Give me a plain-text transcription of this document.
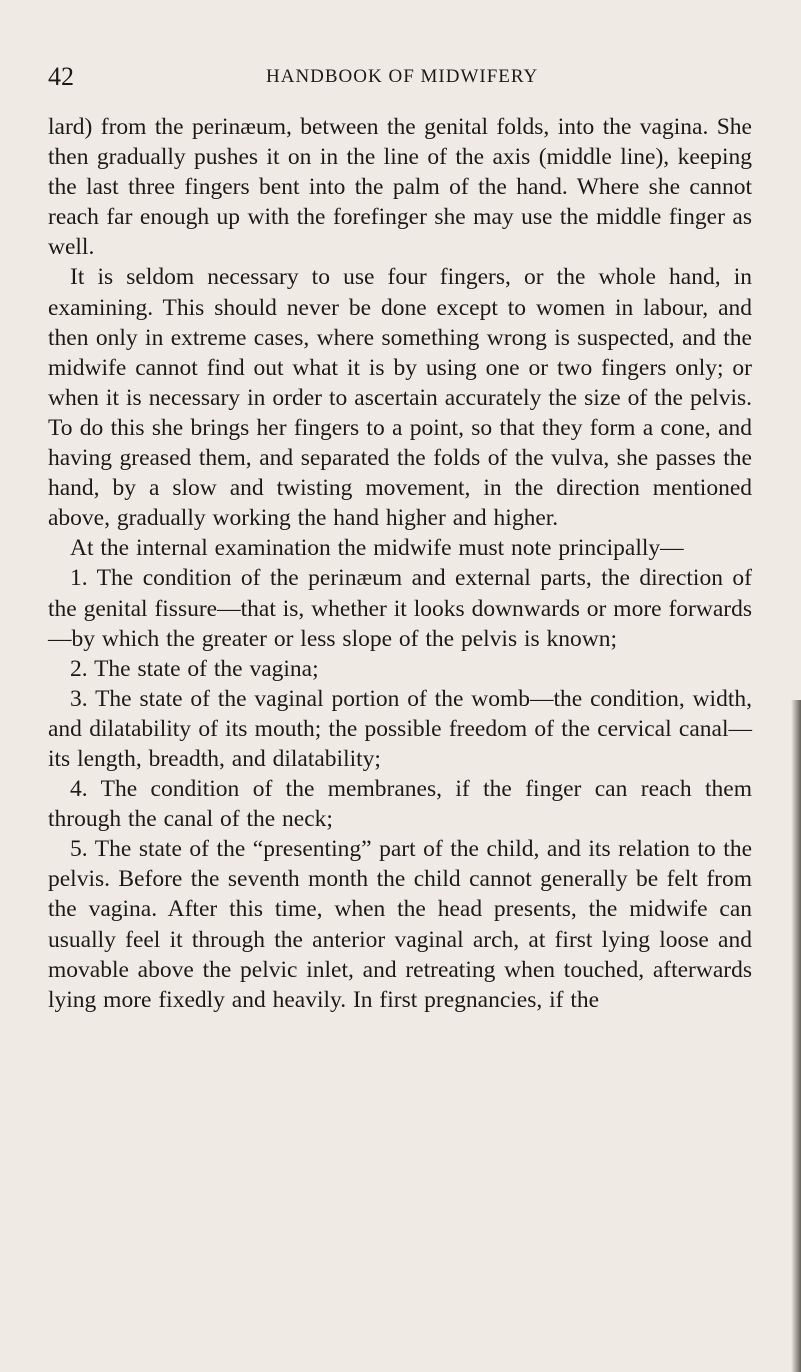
42	HANDBOOK OF MIDWIFERY

lard) from the perinæum, between the genital folds, into the vagina. She then gradually pushes it on in the line of the axis (middle line), keeping the last three fingers bent into the palm of the hand. Where she cannot reach far enough up with the forefinger she may use the middle finger as well.

It is seldom necessary to use four fingers, or the whole hand, in examining. This should never be done except to women in labour, and then only in extreme cases, where something wrong is suspected, and the midwife cannot find out what it is by using one or two fingers only; or when it is necessary in order to ascertain accurately the size of the pelvis. To do this she brings her fingers to a point, so that they form a cone, and having greased them, and separated the folds of the vulva, she passes the hand, by a slow and twisting movement, in the direction mentioned above, gradually working the hand higher and higher.

At the internal examination the midwife must note principally—

1. The condition of the perinæum and external parts, the direction of the genital fissure—that is, whether it looks downwards or more forwards—by which the greater or less slope of the pelvis is known;

2. The state of the vagina;

3. The state of the vaginal portion of the womb—the condition, width, and dilatability of its mouth; the possible freedom of the cervical canal—its length, breadth, and dilatability;

4. The condition of the membranes, if the finger can reach them through the canal of the neck;

5. The state of the “presenting” part of the child, and its relation to the pelvis. Before the seventh month the child cannot generally be felt from the vagina. After this time, when the head presents, the midwife can usually feel it through the anterior vaginal arch, at first lying loose and movable above the pelvic inlet, and retreating when touched, afterwards lying more fixedly and heavily. In first pregnancies, if the
